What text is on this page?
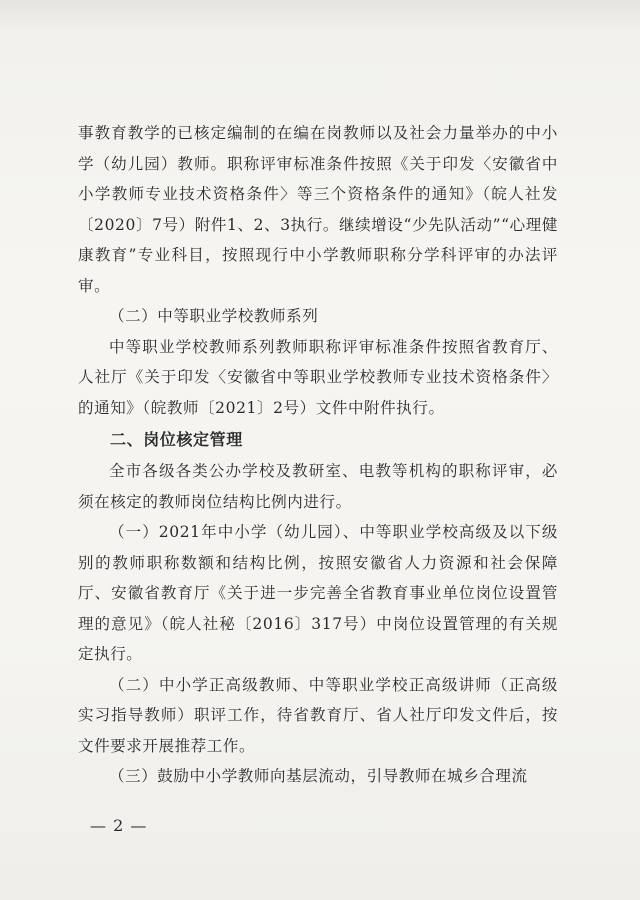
事教育教学的已核定编制的在编在岗教师以及社会力量举办的中小学（幼儿园）教师。职称评审标准条件按照《关于印发〈安徽省中小学教师专业技术资格条件〉等三个资格条件的通知》（皖人社发〔2020〕7号）附件1、2、3执行。继续增设“少先队活动”“心理健康教育”专业科目，按照现行中小学教师职称分学科评审的办法评审。

（二）中等职业学校教师系列

中等职业学校教师系列教师职称评审标准条件按照省教育厅、人社厅《关于印发〈安徽省中等职业学校教师专业技术资格条件〉的通知》（皖教师〔2021〕2号）文件中附件执行。

二、岗位核定管理

全市各级各类公办学校及教研室、电教等机构的职称评审，必须在核定的教师岗位结构比例内进行。

（一）2021年中小学（幼儿园）、中等职业学校高级及以下级别的教师职称数额和结构比例，按照安徽省人力资源和社会保障厅、安徽省教育厅《关于进一步完善全省教育事业单位岗位设置管理的意见》（皖人社秘〔2016〕317号）中岗位设置管理的有关规定执行。

（二）中小学正高级教师、中等职业学校正高级讲师（正高级实习指导教师）职评工作，待省教育厅、省人社厅印发文件后，按文件要求开展推荐工作。

（三）鼓励中小学教师向基层流动，引导教师在城乡合理流

— 2 —
